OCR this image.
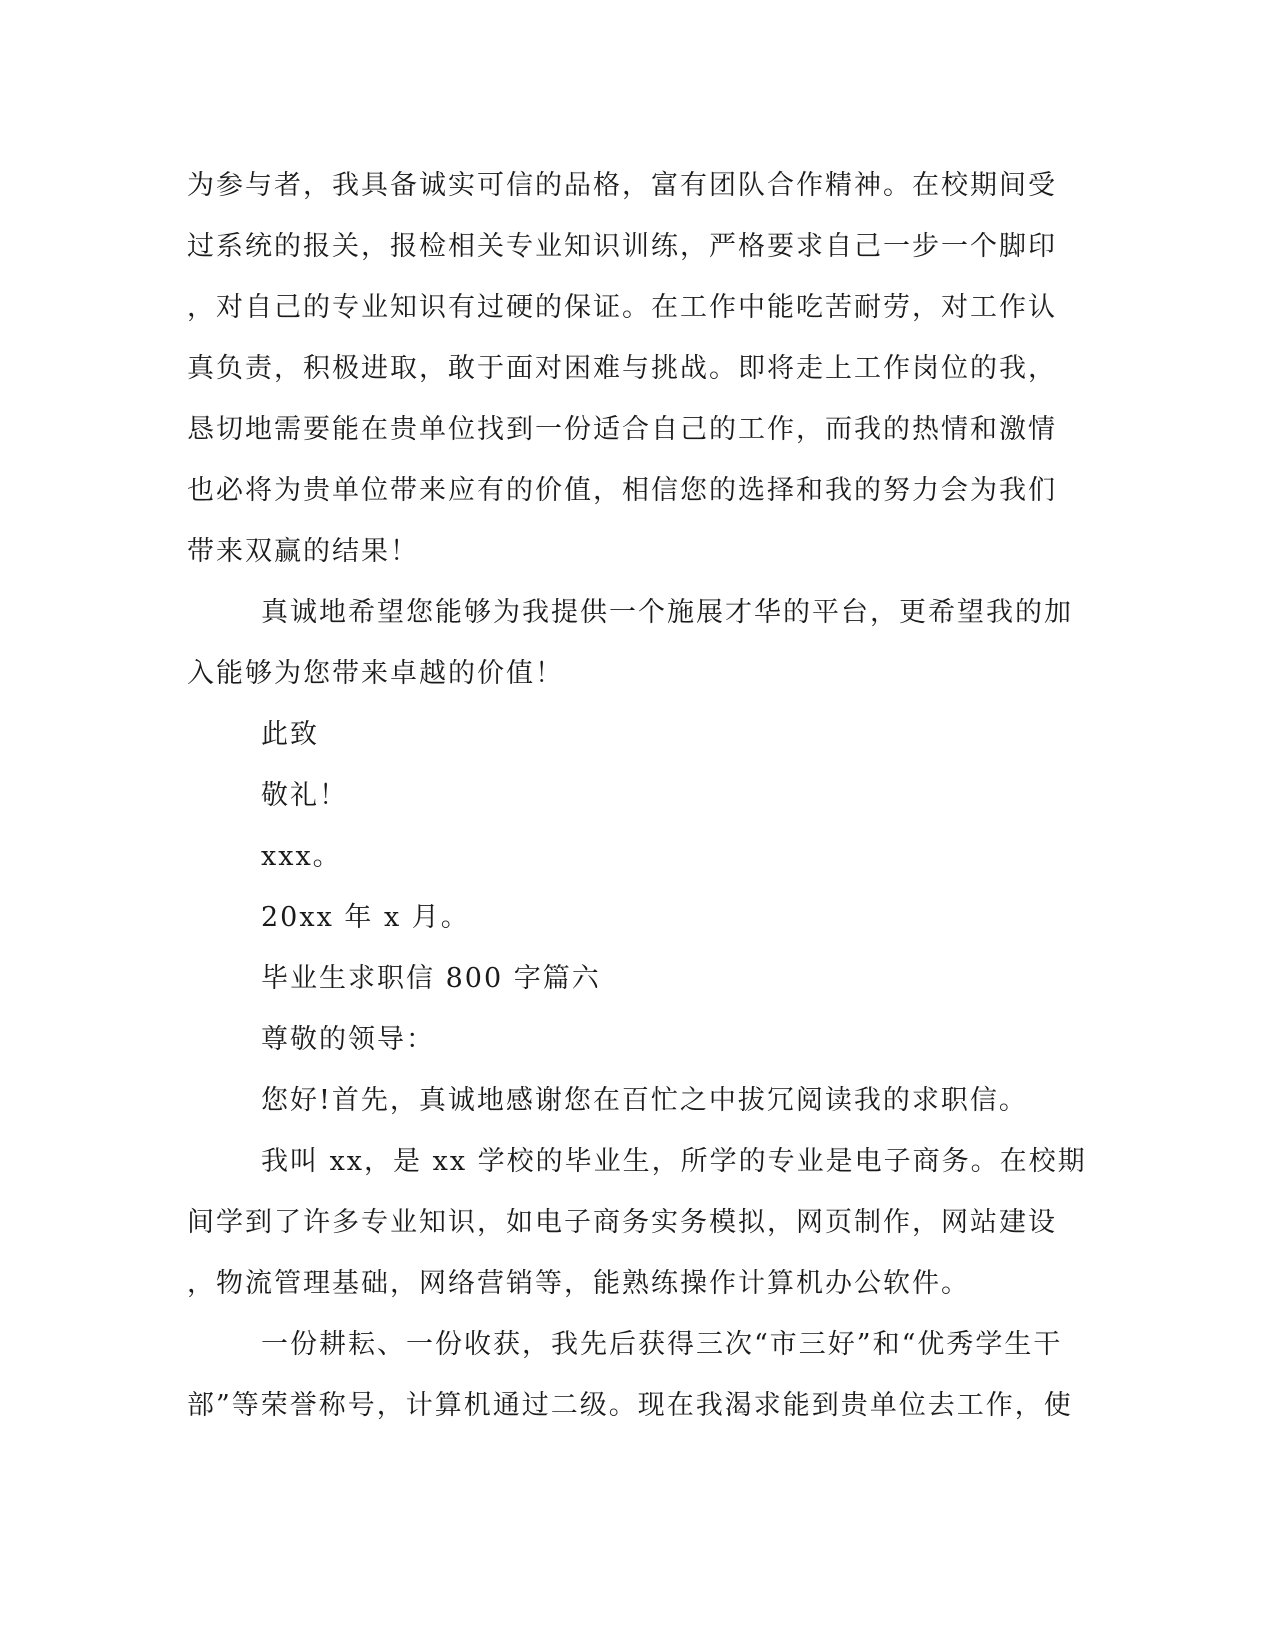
为参与者，我具备诚实可信的品格，富有团队合作精神。在校期间受
过系统的报关，报检相关专业知识训练，严格要求自己一步一个脚印
，对自己的专业知识有过硬的保证。在工作中能吃苦耐劳，对工作认
真负责，积极进取，敢于面对困难与挑战。即将走上工作岗位的我，
恳切地需要能在贵单位找到一份适合自己的工作，而我的热情和激情
也必将为贵单位带来应有的价值，相信您的选择和我的努力会为我们
带来双赢的结果！
真诚地希望您能够为我提供一个施展才华的平台，更希望我的加
入能够为您带来卓越的价值！
此致
敬礼！
xxx。
20xx 年 x 月。
毕业生求职信 800 字篇六
尊敬的领导：
您好!首先，真诚地感谢您在百忙之中拔冗阅读我的求职信。
我叫 xx，是 xx 学校的毕业生，所学的专业是电子商务。在校期
间学到了许多专业知识，如电子商务实务模拟，网页制作，网站建设
，物流管理基础，网络营销等，能熟练操作计算机办公软件。
一份耕耘、一份收获，我先后获得三次“市三好”和“优秀学生干
部”等荣誉称号，计算机通过二级。现在我渴求能到贵单位去工作，使
